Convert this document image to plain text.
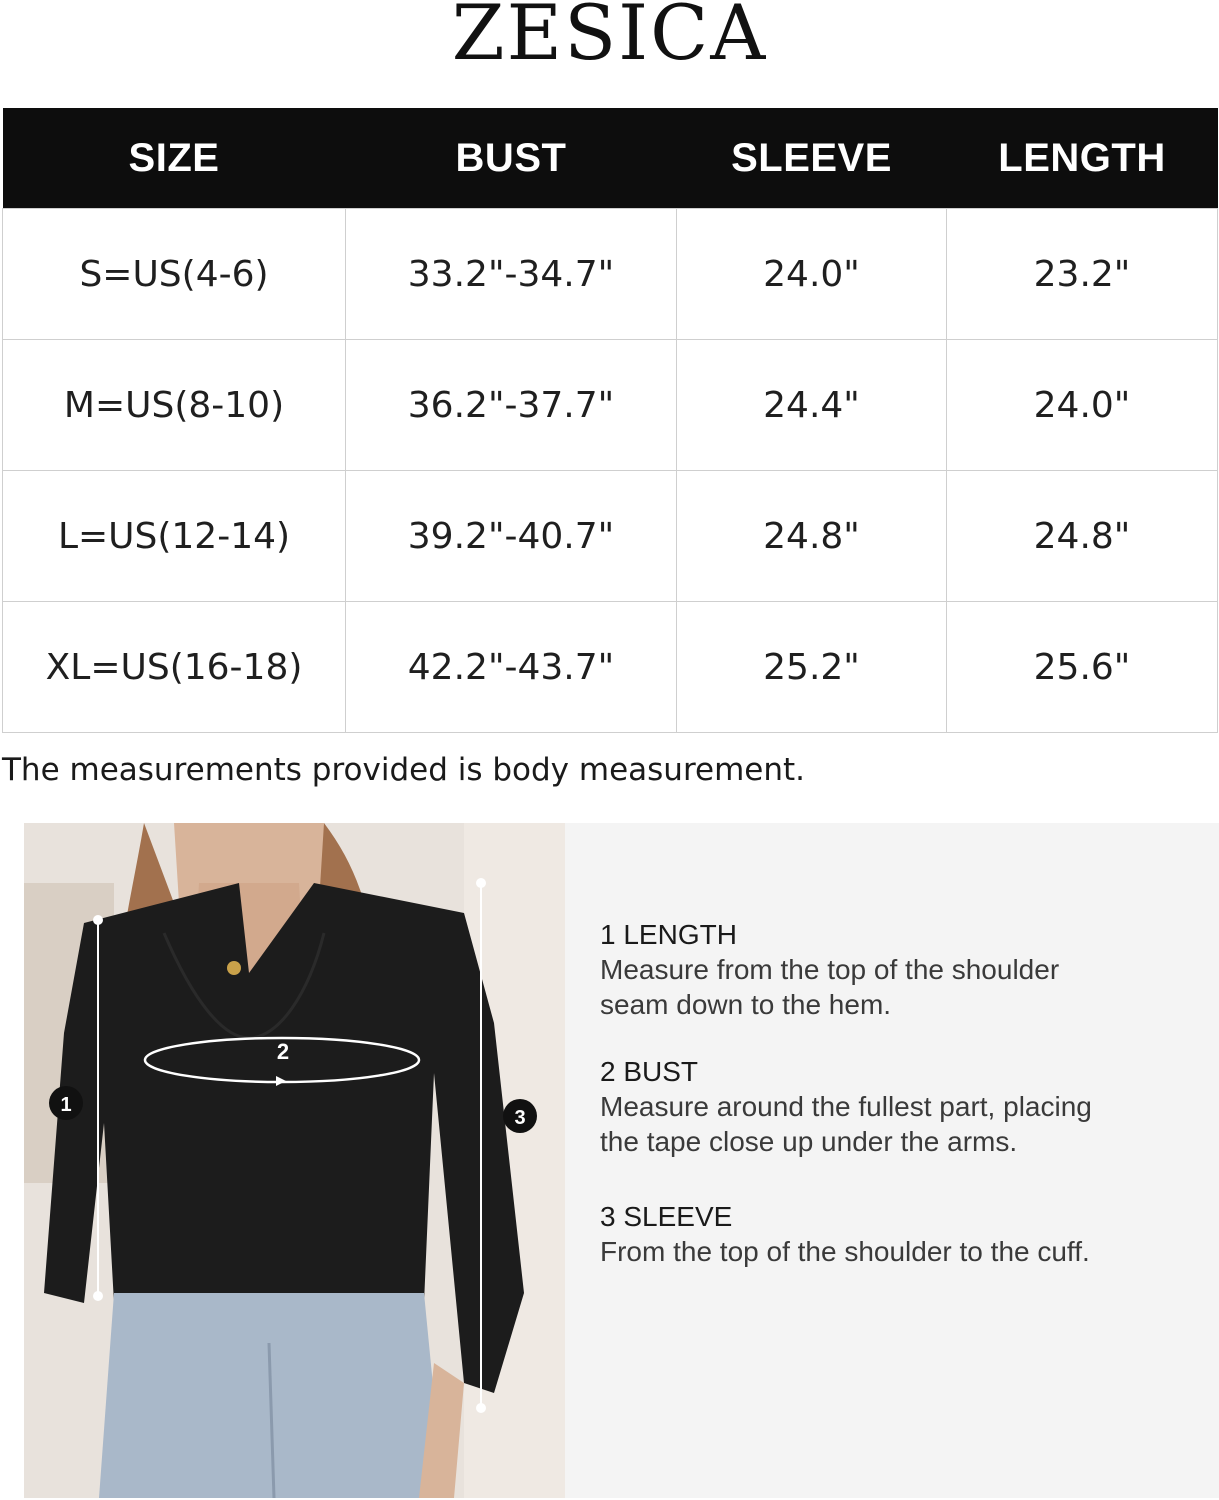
ZESICA
SIZE	BUST	SLEEVE	LENGTH
S=US(4-6)	33.2"-34.7"	24.0"	23.2"
M=US(8-10)	36.2"-37.7"	24.4"	24.0"
L=US(12-14)	39.2"-40.7"	24.8"	24.8"
XL=US(16-18)	42.2"-43.7"	25.2"	25.6"
The measurements provided is body measurement.
1
2
3
1 LENGTH
Measure from the top of the shoulder
seam down to the hem.
2 BUST
Measure around the fullest part, placing
the tape close up under the arms.
3 SLEEVE
From the top of the shoulder to the cuff.
